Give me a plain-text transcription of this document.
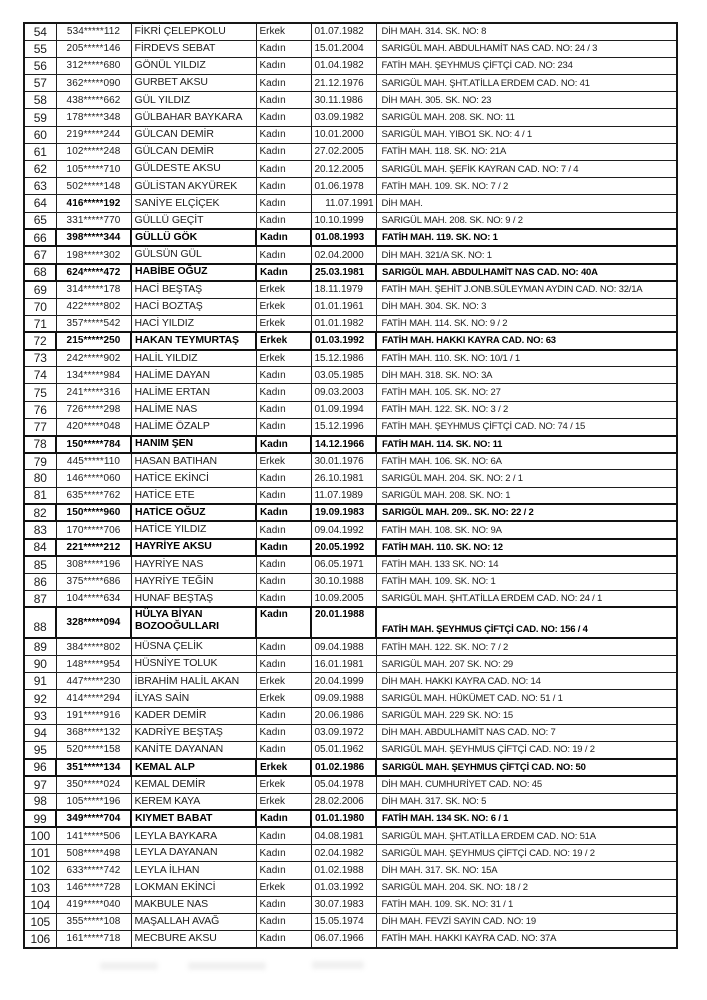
54	534*****112	FİKRİ ÇELEPKOLU	Erkek	01.07.1982	DİH MAH. 314. SK. NO: 8
55	205*****146	FİRDEVS SEBAT	Kadın	15.01.2004	SARIGÜL MAH. ABDULHAMİT NAS CAD. NO: 24 / 3
56	312*****680	GÖNÜL YILDIZ	Kadın	01.04.1982	FATİH MAH. ŞEYHMUS ÇİFTÇİ CAD. NO: 234
57	362*****090	GURBET AKSU	Kadın	21.12.1976	SARIGÜL MAH. ŞHT.ATİLLA ERDEM CAD. NO: 41
58	438*****662	GÜL YILDIZ	Kadın	30.11.1986	DİH MAH. 305. SK. NO: 23
59	178*****348	GÜLBAHAR BAYKARA	Kadın	03.09.1982	SARIGÜL MAH. 208. SK. NO: 11
60	219*****244	GÜLCAN DEMİR	Kadın	10.01.2000	SARIGÜL MAH. YIBO1 SK. NO: 4 / 1
61	102*****248	GÜLCAN DEMİR	Kadın	27.02.2005	FATİH MAH. 118. SK. NO: 21A
62	105*****710	GÜLDESTE AKSU	Kadın	20.12.2005	SARIGÜL MAH. ŞEFİK KAYRAN CAD. NO: 7 / 4
63	502*****148	GÜLİSTAN AKYÜREK	Kadın	01.06.1978	FATİH MAH. 109. SK. NO: 7 / 2
64	416*****192	SANİYE ELÇİÇEK	Kadın	11.07.1991	DİH MAH.
65	331*****770	GÜLLÜ GEÇİT	Kadın	10.10.1999	SARIGÜL MAH. 208. SK. NO: 9 / 2
66	398*****344	GÜLLÜ GÖK	Kadın	01.08.1993	FATİH MAH. 119. SK. NO: 1
67	198*****302	GÜLSÜN GÜL	Kadın	02.04.2000	DİH MAH. 321/A SK. NO: 1
68	624*****472	HABİBE OĞUZ	Kadın	25.03.1981	SARIGÜL MAH. ABDULHAMİT NAS CAD. NO: 40A
69	314*****178	HACİ BEŞTAŞ	Erkek	18.11.1979	FATİH MAH. ŞEHİT J.ONB.SÜLEYMAN AYDIN CAD. NO: 32/1A
70	422*****802	HACİ BOZTAŞ	Erkek	01.01.1961	DİH MAH. 304. SK. NO: 3
71	357*****542	HACİ YILDIZ	Erkek	01.01.1982	FATİH MAH. 114. SK. NO: 9 / 2
72	215*****250	HAKAN TEYMURTAŞ	Erkek	01.03.1992	FATİH MAH. HAKKI KAYRA CAD. NO: 63
73	242*****902	HALİL YILDIZ	Erkek	15.12.1986	FATİH MAH. 110. SK. NO: 10/1 / 1
74	134*****984	HALİME DAYAN	Kadın	03.05.1985	DİH MAH. 318. SK. NO: 3A
75	241*****316	HALİME ERTAN	Kadın	09.03.2003	FATİH MAH. 105. SK. NO: 27
76	726*****298	HALİME NAS	Kadın	01.09.1994	FATİH MAH. 122. SK. NO: 3 / 2
77	420*****048	HALİME ÖZALP	Kadın	15.12.1996	FATİH MAH. ŞEYHMUS ÇİFTÇİ CAD. NO: 74 / 15
78	150*****784	HANIM ŞEN	Kadın	14.12.1966	FATİH MAH. 114. SK. NO: 11
79	445*****110	HASAN BATIHAN	Erkek	30.01.1976	FATİH MAH. 106. SK. NO: 6A
80	146*****060	HATİCE EKİNCİ	Kadın	26.10.1981	SARIGÜL MAH. 204. SK. NO: 2 / 1
81	635*****762	HATİCE ETE	Kadın	11.07.1989	SARIGÜL MAH. 208. SK. NO: 1
82	150*****960	HATİCE OĞUZ	Kadın	19.09.1983	SARIGÜL MAH. 209.. SK. NO: 22 / 2
83	170*****706	HATİCE YILDIZ	Kadın	09.04.1992	FATİH MAH. 108. SK. NO: 9A
84	221*****212	HAYRİYE AKSU	Kadın	20.05.1992	FATİH MAH. 110. SK. NO: 12
85	308*****196	HAYRİYE NAS	Kadın	06.05.1971	FATİH MAH. 133 SK. NO: 14
86	375*****686	HAYRİYE TEĞİN	Kadın	30.10.1988	FATİH MAH. 109. SK. NO: 1
87	104*****634	HUNAF BEŞTAŞ	Kadın	10.09.2005	SARIGÜL MAH. ŞHT.ATİLLA ERDEM CAD. NO: 24 / 1
88	328*****094	HÜLYA BİYAN BOZOOĞULLARI	Kadın	20.01.1988	FATİH MAH. ŞEYHMUS ÇİFTÇİ CAD. NO: 156 / 4
89	384*****802	HÜSNA ÇELİK	Kadın	09.04.1988	FATİH MAH. 122. SK. NO: 7 / 2
90	148*****954	HÜSNİYE TOLUK	Kadın	16.01.1981	SARIGÜL MAH. 207 SK. NO: 29
91	447*****230	İBRAHİM HALİL AKAN	Erkek	20.04.1999	DİH MAH. HAKKI KAYRA CAD. NO: 14
92	414*****294	İLYAS SAİN	Erkek	09.09.1988	SARIGÜL MAH. HÜKÜMET CAD. NO: 51 / 1
93	191*****916	KADER DEMİR	Kadın	20.06.1986	SARIGÜL MAH. 229 SK. NO: 15
94	368*****132	KADRİYE BEŞTAŞ	Kadın	03.09.1972	DİH MAH. ABDULHAMİT NAS CAD. NO: 7
95	520*****158	KANİTE DAYANAN	Kadın	05.01.1962	SARIGÜL MAH. ŞEYHMUS ÇİFTÇİ CAD. NO: 19 / 2
96	351*****134	KEMAL ALP	Erkek	01.02.1986	SARIGÜL MAH. ŞEYHMUS ÇİFTÇİ CAD. NO: 50
97	350*****024	KEMAL DEMİR	Erkek	05.04.1978	DİH MAH. CUMHURİYET CAD. NO: 45
98	105*****196	KEREM KAYA	Erkek	28.02.2006	DİH MAH. 317. SK. NO: 5
99	349*****704	KIYMET BABAT	Kadın	01.01.1980	FATİH MAH. 134 SK. NO: 6 / 1
100	141*****506	LEYLA BAYKARA	Kadın	04.08.1981	SARIGÜL MAH. ŞHT.ATİLLA ERDEM CAD. NO: 51A
101	508*****498	LEYLA DAYANAN	Kadın	02.04.1982	SARIGÜL MAH. ŞEYHMUS ÇİFTÇİ CAD. NO: 19 / 2
102	633*****742	LEYLA İLHAN	Kadın	01.02.1988	DİH MAH. 317. SK. NO: 15A
103	146*****728	LOKMAN EKİNCİ	Erkek	01.03.1992	SARIGÜL MAH. 204. SK. NO: 18 / 2
104	419*****040	MAKBULE NAS	Kadın	30.07.1983	FATİH MAH. 109. SK. NO: 31 / 1
105	355*****108	MAŞALLAH AVAĞ	Kadın	15.05.1974	DİH MAH. FEVZİ SAYIN CAD. NO: 19
106	161*****718	MECBURE AKSU	Kadın	06.07.1966	FATİH MAH. HAKKI KAYRA CAD. NO: 37A
